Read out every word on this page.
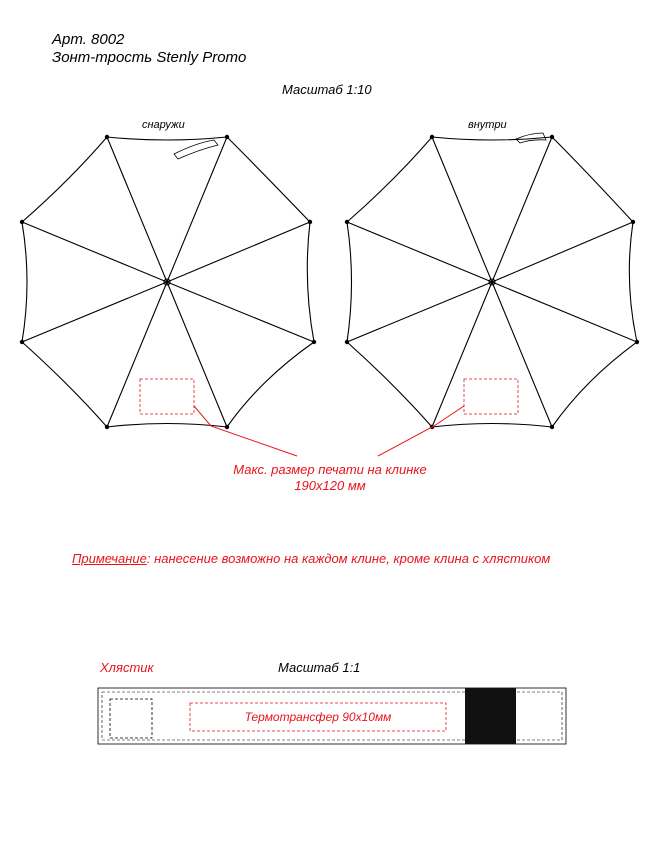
Арт. 8002
Зонт-трость Stenly Promo
Масштаб 1:10
снаружи	внутри
Макс. размер печати на клинке
190х120 мм
Примечание: нанесение возможно на каждом клине, кроме клина с хлястиком
Хлястик	Масштаб 1:1
Термотрансфер 90х10мм
